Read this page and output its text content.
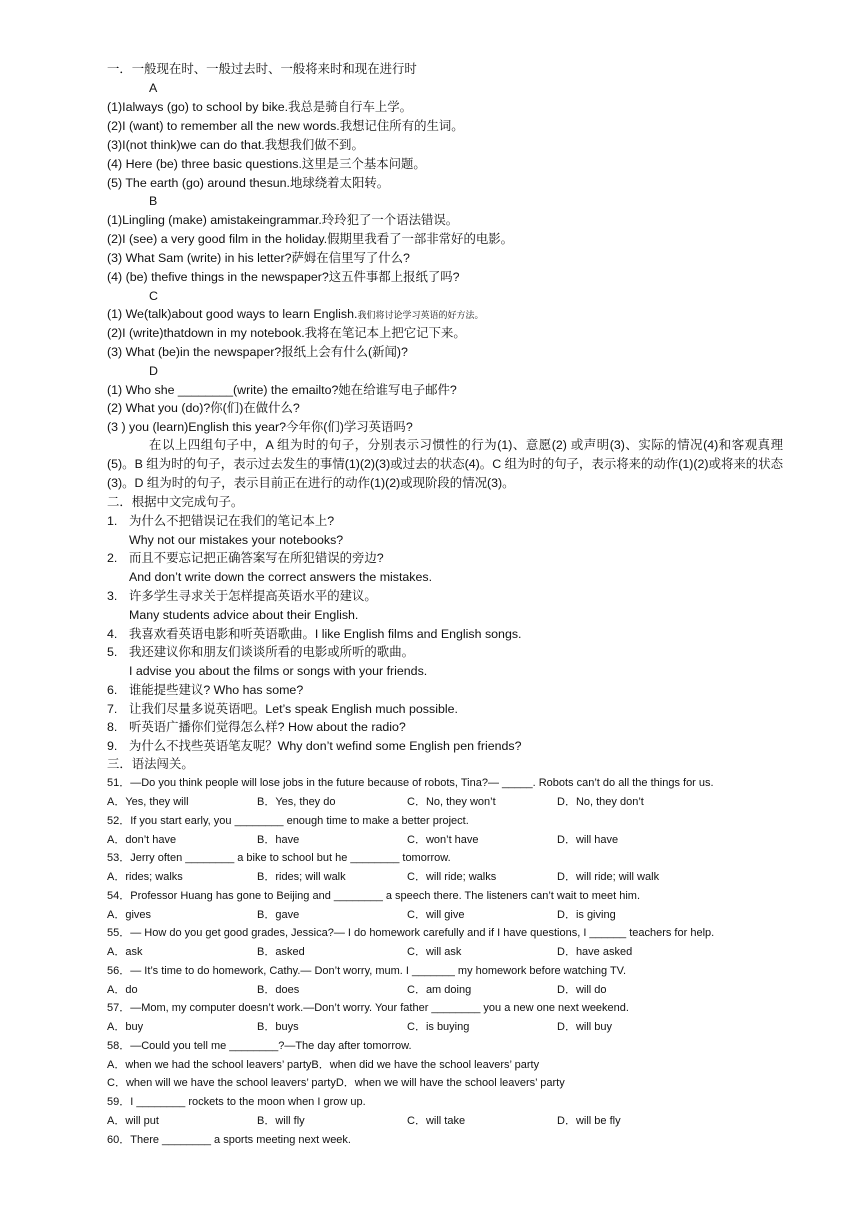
一．一般现在时、一般过去时、一般将来时和现在进行时
A
(1)Ialways (go) to school by bike.我总是骑自行车上学。
(2)I (want) to remember all the new words.我想记住所有的生词。
(3)I(not think)we can do that.我想我们做不到。
(4) Here (be) three basic questions.这里是三个基本问题。
(5) The earth (go) around thesun.地球绕着太阳转。
B
(1)Lingling (make) amistakeingrammar.玲玲犯了一个语法错误。
(2)I (see) a very good film in the holiday.假期里我看了一部非常好的电影。
(3) What Sam (write) in his letter?萨姆在信里写了什么?
(4) (be) thefive things in the newspaper?这五件事都上报纸了吗?
C
(1) We(talk)about good ways to learn English.我们将讨论学习英语的好方法。
(2)I (write)thatdown in my notebook.我将在笔记本上把它记下来。
(3) What (be)in the newspaper?报纸上会有什么(新闻)?
D
(1) Who she ________(write) the emailto?她在给谁写电子邮件?
(2) What you (do)?你(们)在做什么?
(3 ) you (learn)English this year?今年你(们)学习英语吗?
在以上四组句子中，A 组为时的句子，分别表示习惯性的行为(1)、意愿(2) 或声明(3)、实际的情况(4)和客观真理(5)。B 组为时的句子，表示过去发生的事情(1)(2)(3)或过去的状态(4)。C 组为时的句子，表示将来的动作(1)(2)或将来的状态(3)。D 组为时的句子，表示目前正在进行的动作(1)(2)或现阶段的情况(3)。
二．根据中文完成句子。
1. 为什么不把错误记在我们的笔记本上?
Why not our mistakes your notebooks?
2. 而且不要忘记把正确答案写在所犯错误的旁边?
And don’t write down the correct answers the mistakes.
3. 许多学生寻求关于怎样提高英语水平的建议。
Many students advice about their English.
4. 我喜欢看英语电影和听英语歌曲。I like English films and English songs.
5. 我还建议你和朋友们谈谈所看的电影或所听的歌曲。
I advise you about the films or songs with your friends.
6. 谁能提些建议? Who has some?
7. 让我们尽量多说英语吧。Let’s speak English much possible.
8. 听英语广播你们觉得怎么样? How about the radio?
9. 为什么不找些英语笔友呢？Why don’t wefind some English pen friends?
三．语法闯关。
51．—Do you think people will lose jobs in the future because of robots, Tina?— _____. Robots can’t do all the things for us.
A．Yes, they will	B．Yes, they do	C．No, they won’t	D．No, they don’t
52．If you start early, you ________ enough time to make a better project.
A．don’t have	B．have	C．won’t have	D．will have
53．Jerry often ________ a bike to school but he ________ tomorrow.
A．rides; walks	B．rides; will walk	C．will ride; walks	D．will ride; will walk
54．Professor Huang has gone to Beijing and ________ a speech there. The listeners can’t wait to meet him.
A．gives	B．gave	C．will give	D．is giving
55．— How do you get good grades, Jessica?— I do homework carefully and if I have questions, I ______ teachers for help.
A．ask	B．asked	C．will ask	D．have asked
56．— It’s time to do homework, Cathy.— Don’t worry, mum. I _______ my homework before watching TV.
A．do	B．does	C．am doing	D．will do
57．—Mom, my computer doesn’t work.—Don’t worry. Your father ________ you a new one next weekend.
A．buy	B．buys	C．is buying	D．will buy
58．—Could you tell me ________?—The day after tomorrow.
A．when we had the school leavers’ partyB．when did we have the school leavers’ party
C．when will we have the school leavers’ partyD．when we will have the school leavers’ party
59．I ________ rockets to the moon when I grow up.
A．will put	B．will fly	C．will take	D．will be fly
60．There ________ a sports meeting next week.
